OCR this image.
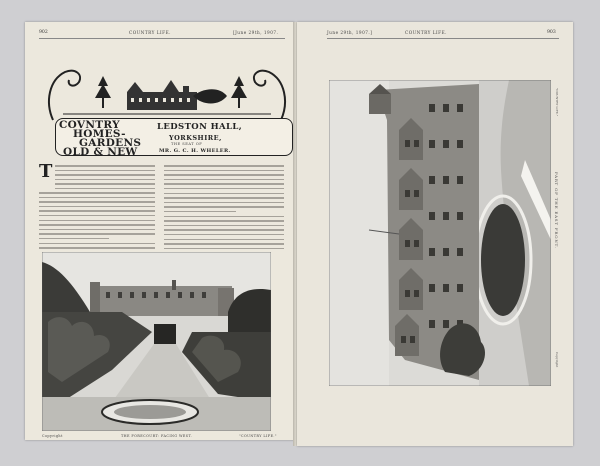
902	COUNTRY LIFE.	[June 29th, 1907.
COVNTRY
HOMES-
GARDENS
OLD & NEW
LEDSTON HALL,
YORKSHIRE,
THE SEAT OF
MR. G. C. H. WHELER.
T
Copyright	THE FORECOURT: FACING WEST.	"COUNTRY LIFE."
June 29th, 1907.]	COUNTRY LIFE.	903
PART OF THE EAST FRONT.
"COUNTRY LIFE."
Copyright
